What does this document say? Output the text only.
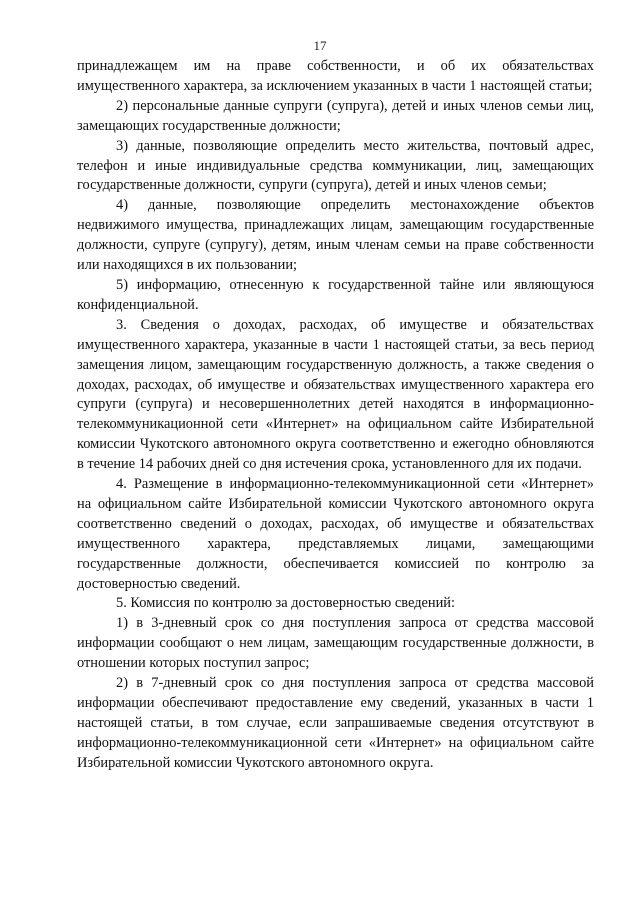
17

принадлежащем им на праве собственности, и об их обязательствах имущественного характера, за исключением указанных в части 1 настоящей статьи;

2) персональные данные супруги (супруга), детей и иных членов семьи лиц, замещающих государственные должности;

3) данные, позволяющие определить место жительства, почтовый адрес, телефон и иные индивидуальные средства коммуникации, лиц, замещающих государственные должности, супруги (супруга), детей и иных членов семьи;

4) данные, позволяющие определить местонахождение объектов недвижимого имущества, принадлежащих лицам, замещающим государственные должности, супруге (супругу), детям, иным членам семьи на праве собственности или находящихся в их пользовании;

5) информацию, отнесенную к государственной тайне или являющуюся конфиденциальной.

3. Сведения о доходах, расходах, об имуществе и обязательствах имущественного характера, указанные в части 1 настоящей статьи, за весь период замещения лицом, замещающим государственную должность, а также сведения о доходах, расходах, об имуществе и обязательствах имущественного характера его супруги (супруга) и несовершеннолетних детей находятся в информационно-телекоммуникационной сети «Интернет» на официальном сайте Избирательной комиссии Чукотского автономного округа соответственно и ежегодно обновляются в течение 14 рабочих дней со дня истечения срока, установленного для их подачи.

4. Размещение в информационно-телекоммуникационной сети «Интернет» на официальном сайте Избирательной комиссии Чукотского автономного округа соответственно сведений о доходах, расходах, об имуществе и обязательствах имущественного характера, представляемых лицами, замещающими государственные должности, обеспечивается комиссией по контролю за достоверностью сведений.

5. Комиссия по контролю за достоверностью сведений:

1) в 3-дневный срок со дня поступления запроса от средства массовой информации сообщают о нем лицам, замещающим государственные должности, в отношении которых поступил запрос;

2) в 7-дневный срок со дня поступления запроса от средства массовой информации обеспечивают предоставление ему сведений, указанных в части 1 настоящей статьи, в том случае, если запрашиваемые сведения отсутствуют в информационно-телекоммуникационной сети «Интернет» на официальном сайте Избирательной комиссии Чукотского автономного округа.
